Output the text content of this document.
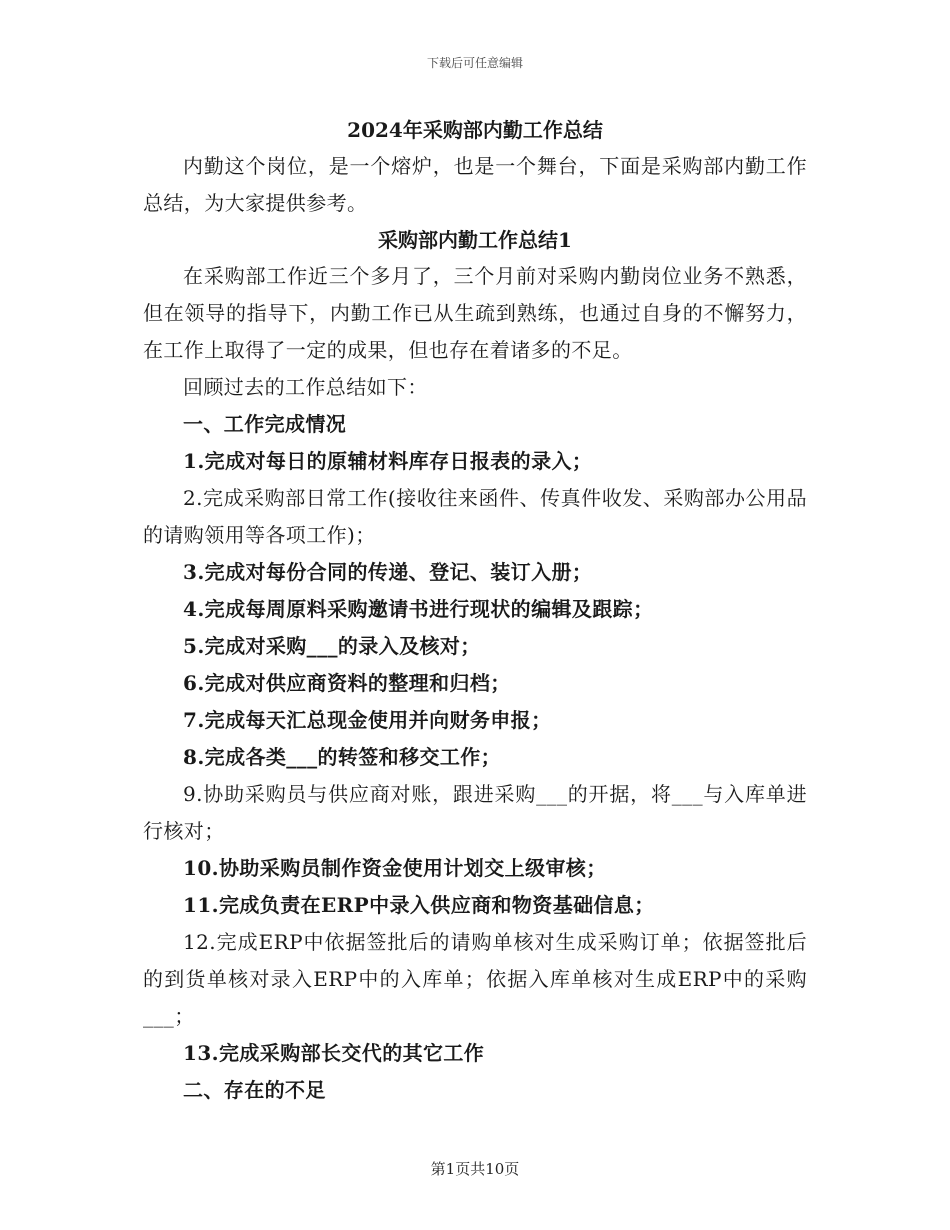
下载后可任意编辑
2024年采购部内勤工作总结
内勤这个岗位，是一个熔炉，也是一个舞台，下面是采购部内勤工作总结，为大家提供参考。
采购部内勤工作总结1
在采购部工作近三个多月了，三个月前对采购内勤岗位业务不熟悉，但在领导的指导下，内勤工作已从生疏到熟练，也通过自身的不懈努力，在工作上取得了一定的成果，但也存在着诸多的不足。
回顾过去的工作总结如下：
一、工作完成情况
1.完成对每日的原辅材料库存日报表的录入；
2.完成采购部日常工作(接收往来函件、传真件收发、采购部办公用品的请购领用等各项工作)；
3.完成对每份合同的传递、登记、装订入册；
4.完成每周原料采购邀请书进行现状的编辑及跟踪；
5.完成对采购___的录入及核对；
6.完成对供应商资料的整理和归档；
7.完成每天汇总现金使用并向财务申报；
8.完成各类___的转签和移交工作；
9.协助采购员与供应商对账，跟进采购___的开据，将___与入库单进行核对；
10.协助采购员制作资金使用计划交上级审核；
11.完成负责在ERP中录入供应商和物资基础信息；
12.完成ERP中依据签批后的请购单核对生成采购订单；依据签批后的到货单核对录入ERP中的入库单；依据入库单核对生成ERP中的采购___；
13.完成采购部长交代的其它工作
二、存在的不足
第1页共10页
